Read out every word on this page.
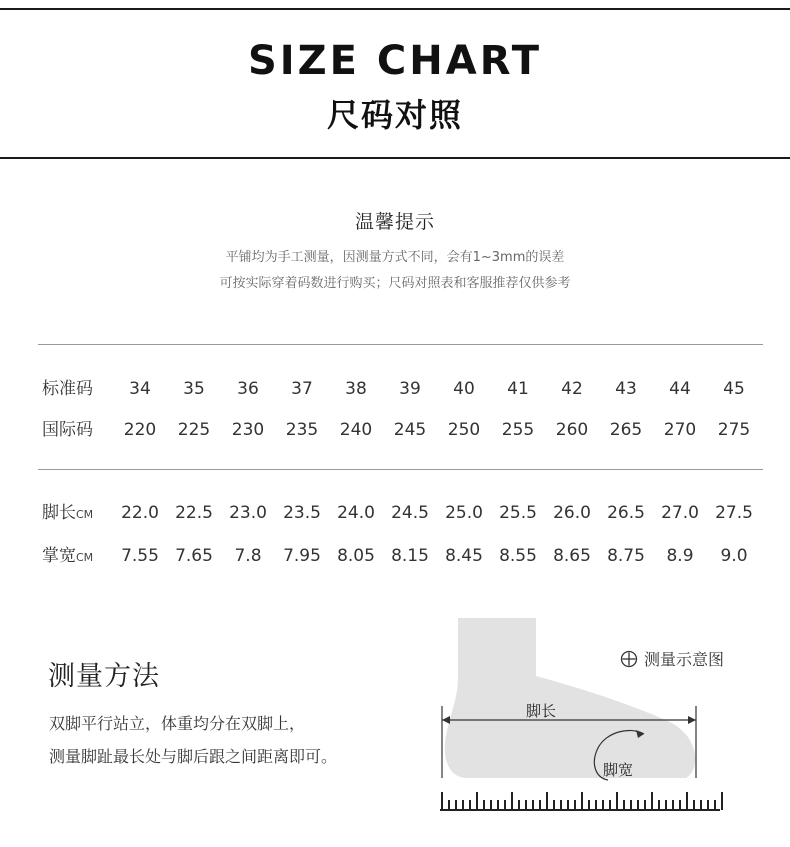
SIZE CHART
尺码对照
温馨提示
平铺均为手工测量，因测量方式不同，会有1~3mm的误差
可按实际穿着码数进行购买；尺码对照表和客服推荐仅供参考
标准码	34	35	36	37	38	39	40	41	42	43	44	45
国际码	220	225	230	235	240	245	250	255	260	265	270	275
脚长CM	22.0 22.5 23.0 23.5 24.0 24.5 25.0 25.5 26.0 26.5 27.0 27.5
掌宽CM	7.55 7.65	7.8	7.95 8.05 8.15 8.45 8.55 8.65 8.75	8.9	9.0
测量方法
双脚平行站立，体重均分在双脚上，
测量脚趾最长处与脚后跟之间距离即可。
脚长
脚宽
测量示意图
